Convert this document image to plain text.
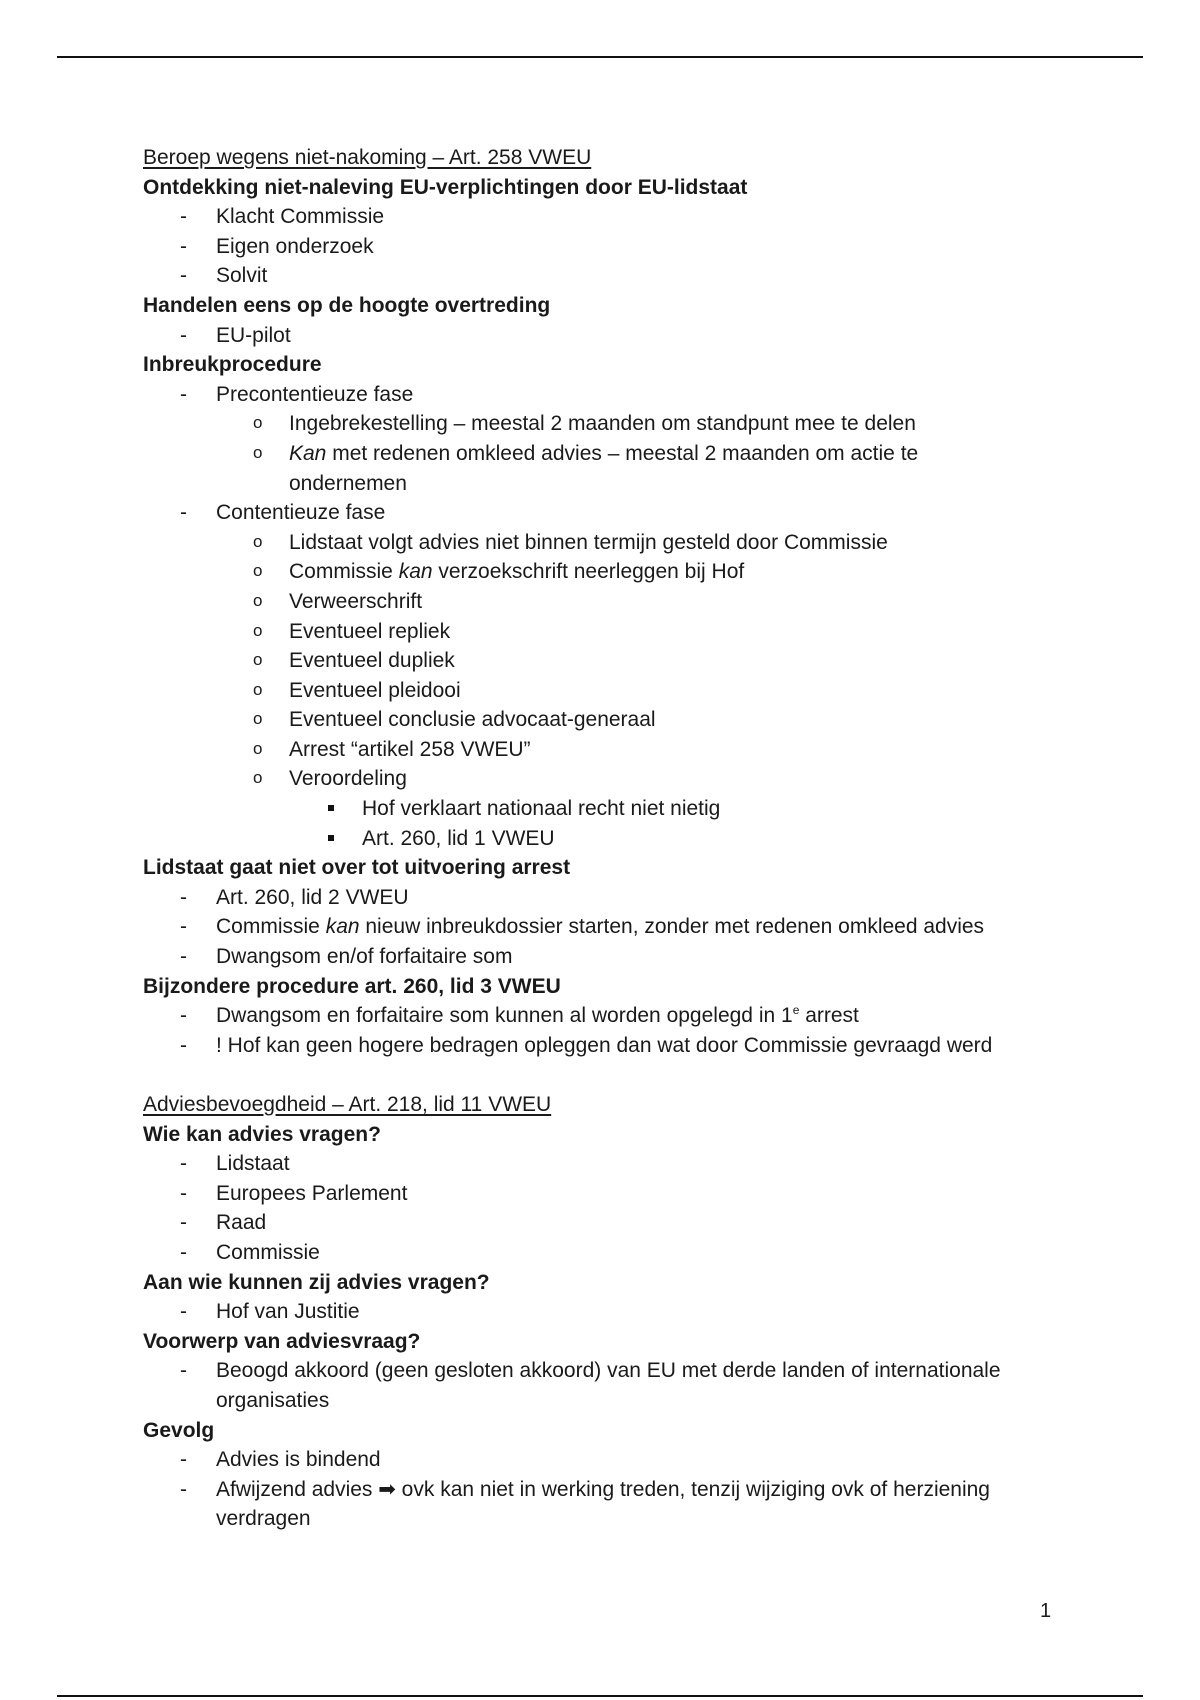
Beroep wegens niet-nakoming – Art. 258 VWEU
Ontdekking niet-naleving EU-verplichtingen door EU-lidstaat
- Klacht Commissie
- Eigen onderzoek
- Solvit
Handelen eens op de hoogte overtreding
- EU-pilot
Inbreukprocedure
- Precontentieuze fase
o Ingebrekestelling – meestal 2 maanden om standpunt mee te delen
o Kan met redenen omkleed advies – meestal 2 maanden om actie te
ondernemen
- Contentieuze fase
o Lidstaat volgt advies niet binnen termijn gesteld door Commissie
o Commissie kan verzoekschrift neerleggen bij Hof
o Verweerschrift
o Eventueel repliek
o Eventueel dupliek
o Eventueel pleidooi
o Eventueel conclusie advocaat-generaal
o Arrest “artikel 258 VWEU”
o Veroordeling
Hof verklaart nationaal recht niet nietig
Art. 260, lid 1 VWEU
Lidstaat gaat niet over tot uitvoering arrest
- Art. 260, lid 2 VWEU
- Commissie kan nieuw inbreukdossier starten, zonder met redenen omkleed advies
- Dwangsom en/of forfaitaire som
Bijzondere procedure art. 260, lid 3 VWEU
- Dwangsom en forfaitaire som kunnen al worden opgelegd in 1e arrest
- ! Hof kan geen hogere bedragen opleggen dan wat door Commissie gevraagd werd
Adviesbevoegdheid – Art. 218, lid 11 VWEU
Wie kan advies vragen?
- Lidstaat
- Europees Parlement
- Raad
- Commissie
Aan wie kunnen zij advies vragen?
- Hof van Justitie
Voorwerp van adviesvraag?
- Beoogd akkoord (geen gesloten akkoord) van EU met derde landen of internationale
organisaties
Gevolg
- Advies is bindend
- Afwijzend advies ➡ ovk kan niet in werking treden, tenzij wijziging ovk of herziening
verdragen
1
